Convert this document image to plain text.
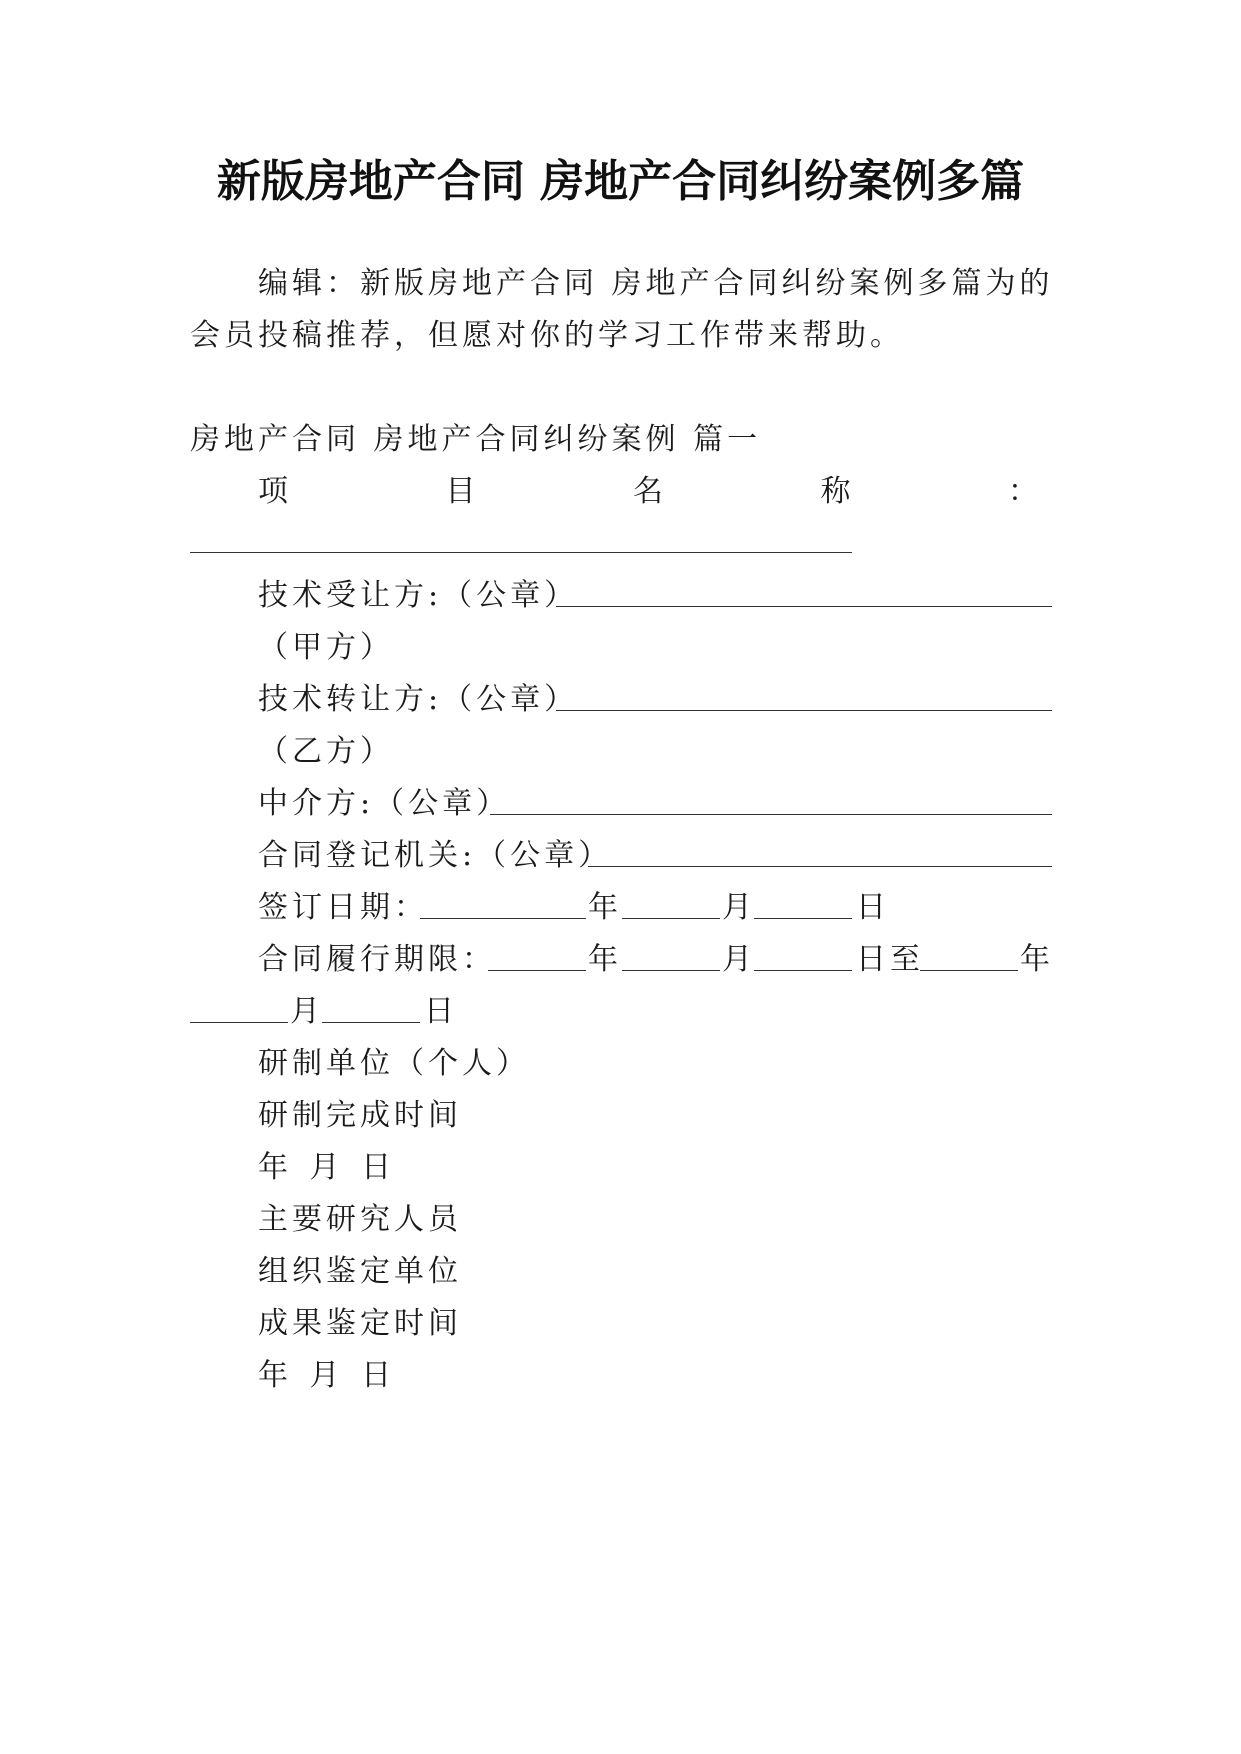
新版房地产合同 房地产合同纠纷案例多篇
编辑：新版房地产合同 房地产合同纠纷案例多篇为的
会员投稿推荐，但愿对你的学习工作带来帮助。
房地产合同 房地产合同纠纷案例 篇一
项	目	名	称	：
技术受让方:（公章）
（甲方）
技术转让方:（公章）
（乙方）
中介方:（公章）
合同登记机关:（公章）
签订日期：	年	月	日
合同履行期限：	年	月	日至	年
月	日
研制单位（个人）
研制完成时间
年 月 日
主要研究人员
组织鉴定单位
成果鉴定时间
年 月 日
